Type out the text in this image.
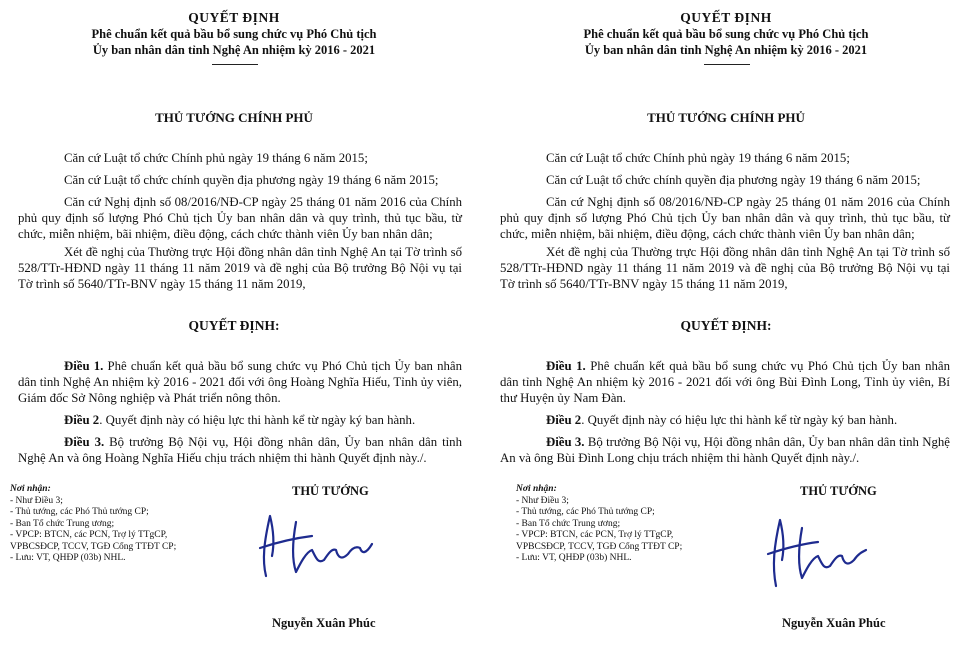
QUYẾT ĐỊNH
Phê chuẩn kết quả bầu bổ sung chức vụ Phó Chủ tịch
Ủy ban nhân dân tỉnh Nghệ An nhiệm kỳ 2016 - 2021
THỦ TƯỚNG CHÍNH PHỦ

Căn cứ Luật tổ chức Chính phủ ngày 19 tháng 6 năm 2015;

Căn cứ Luật tổ chức chính quyền địa phương ngày 19 tháng 6 năm 2015;

Căn cứ Nghị định số 08/2016/NĐ-CP ngày 25 tháng 01 năm 2016 của Chính phủ quy định số lượng Phó Chủ tịch Ủy ban nhân dân và quy trình, thủ tục bầu, từ chức, miễn nhiệm, bãi nhiệm, điều động, cách chức thành viên Ủy ban nhân dân;

Xét đề nghị của Thường trực Hội đồng nhân dân tỉnh Nghệ An tại Tờ trình số 528/TTr-HĐND ngày 11 tháng 11 năm 2019 và đề nghị của Bộ trưởng Bộ Nội vụ tại Tờ trình số 5640/TTr-BNV ngày 15 tháng 11 năm 2019,

QUYẾT ĐỊNH:

Điều 1. Phê chuẩn kết quả bầu bổ sung chức vụ Phó Chủ tịch Ủy ban nhân dân tỉnh Nghệ An nhiệm kỳ 2016 - 2021 đối với ông Hoàng Nghĩa Hiếu, Tỉnh ủy viên, Giám đốc Sở Nông nghiệp và Phát triển nông thôn.

Điều 2. Quyết định này có hiệu lực thi hành kể từ ngày ký ban hành.

Điều 3. Bộ trưởng Bộ Nội vụ, Hội đồng nhân dân, Ủy ban nhân dân tỉnh Nghệ An và ông Hoàng Nghĩa Hiếu chịu trách nhiệm thi hành Quyết định này./.

Nơi nhận:
- Như Điều 3;
- Thủ tướng, các Phó Thủ tướng CP;
- Ban Tổ chức Trung ương;
- VPCP: BTCN, các PCN, Trợ lý TTgCP,
VPBCSĐCP, TCCV, TGĐ Cổng TTĐT CP;
- Lưu: VT, QHĐP (03b) NHL.
THỦ TƯỚNG
Nguyễn Xuân Phúc
QUYẾT ĐỊNH
Phê chuẩn kết quả bầu bổ sung chức vụ Phó Chủ tịch
Ủy ban nhân dân tỉnh Nghệ An nhiệm kỳ 2016 - 2021
THỦ TƯỚNG CHÍNH PHỦ

Căn cứ Luật tổ chức Chính phủ ngày 19 tháng 6 năm 2015;

Căn cứ Luật tổ chức chính quyền địa phương ngày 19 tháng 6 năm 2015;

Căn cứ Nghị định số 08/2016/NĐ-CP ngày 25 tháng 01 năm 2016 của Chính phủ quy định số lượng Phó Chủ tịch Ủy ban nhân dân và quy trình, thủ tục bầu, từ chức, miễn nhiệm, bãi nhiệm, điều động, cách chức thành viên Ủy ban nhân dân;

Xét đề nghị của Thường trực Hội đồng nhân dân tỉnh Nghệ An tại Tờ trình số 528/TTr-HĐND ngày 11 tháng 11 năm 2019 và đề nghị của Bộ trưởng Bộ Nội vụ tại Tờ trình số 5640/TTr-BNV ngày 15 tháng 11 năm 2019,

QUYẾT ĐỊNH:

Điều 1. Phê chuẩn kết quả bầu bổ sung chức vụ Phó Chủ tịch Ủy ban nhân dân tỉnh Nghệ An nhiệm kỳ 2016 - 2021 đối với ông Bùi Đình Long, Tỉnh ủy viên, Bí thư Huyện ủy Nam Đàn.

Điều 2. Quyết định này có hiệu lực thi hành kể từ ngày ký ban hành.

Điều 3. Bộ trưởng Bộ Nội vụ, Hội đồng nhân dân, Ủy ban nhân dân tỉnh Nghệ An và ông Bùi Đình Long chịu trách nhiệm thi hành Quyết định này./.

Nơi nhận:
- Như Điều 3;
- Thủ tướng, các Phó Thủ tướng CP;
- Ban Tổ chức Trung ương;
- VPCP: BTCN, các PCN, Trợ lý TTgCP,
VPBCSĐCP, TCCV, TGĐ Cổng TTĐT CP;
- Lưu: VT, QHĐP (03b) NHL.
THỦ TƯỚNG
Nguyễn Xuân Phúc
